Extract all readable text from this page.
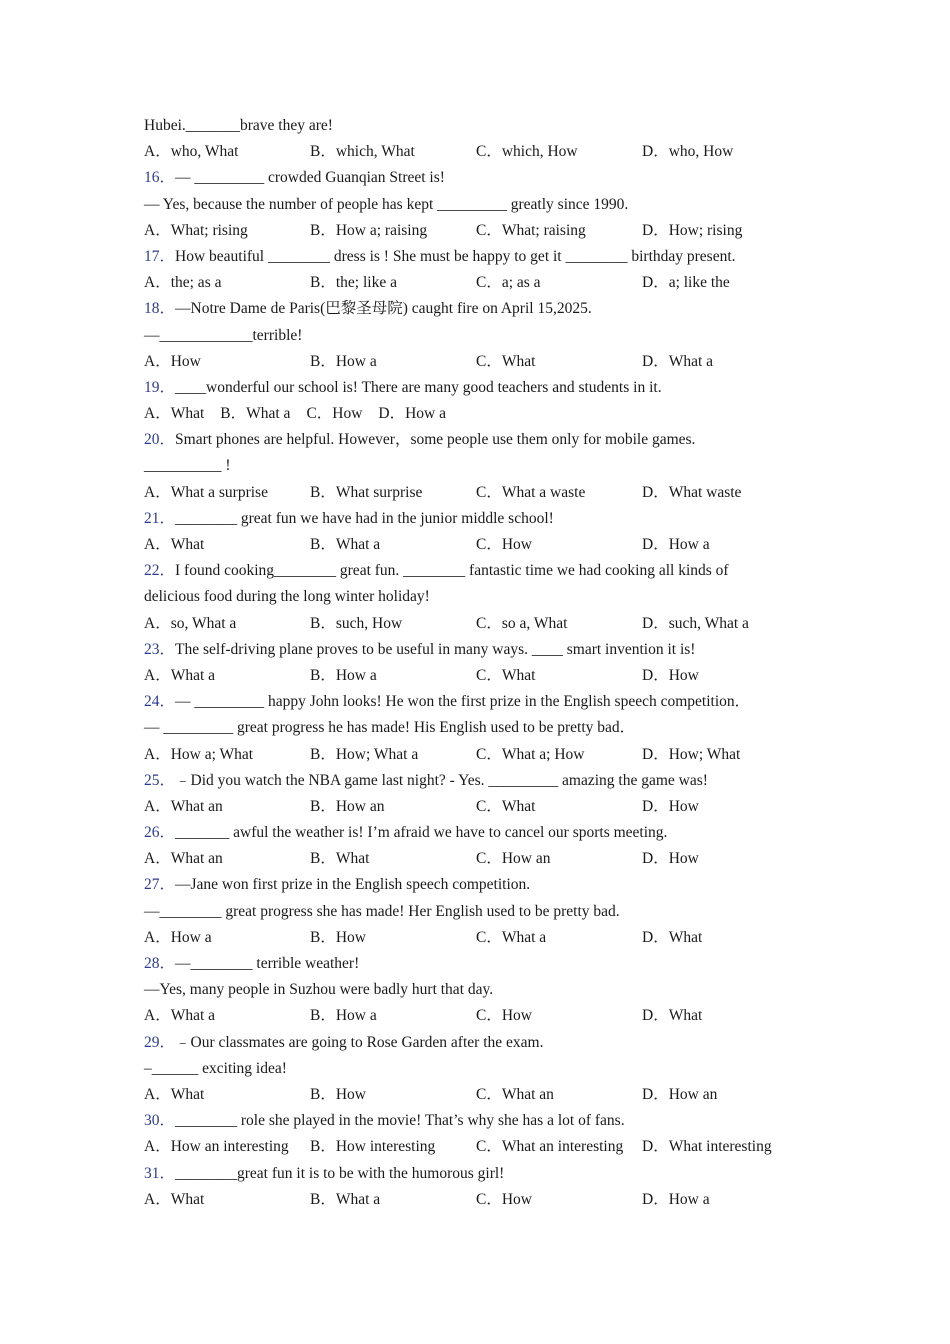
Hubei._______brave they are!
A．who, What	B．which, What	C．which, How	D．who, How
16．— _________ crowded Guanqian Street is!
— Yes, because the number of people has kept _________ greatly since 1990.
A．What; rising	B．How a; raising	C．What; raising	D．How; rising
17．How beautiful ________ dress is ! She must be happy to get it ________ birthday present.
A．the; as a	B．the; like a	C．a; as a	D．a; like the
18．—Notre Dame de Paris(巴黎圣母院) caught fire on April 15,2025.
—____________terrible!
A．How	B．How a	C．What	D．What a
19．____wonderful our school is! There are many good teachers and students in it.
A．What B．What a C．How D．How a
20．Smart phones are helpful. However，some people use them only for mobile games.
__________ !
A．What a surprise	B．What surprise	C．What a waste	D．What waste
21．________ great fun we have had in the junior middle school!
A．What	B．What a	C．How	D．How a
22．I found cooking________ great fun. ________ fantastic time we had cooking all kinds of
delicious food during the long winter holiday!
A．so, What a	B．such, How	C．so a, What	D．such, What a
23．The self-driving plane proves to be useful in many ways. ____ smart invention it is!
A．What a	B．How a	C．What	D．How
24．— _________ happy John looks! He won the first prize in the English speech competition．
— _________ great progress he has made! His English used to be pretty bad．
A．How a; What	B．How; What a	C．What a; How	D．How; What
25．﹣Did you watch the NBA game last night? - Yes. _________ amazing the game was!
A．What an	B．How an	C．What	D．How
26．_______ awful the weather is! I’m afraid we have to cancel our sports meeting.
A．What an	B．What	C．How an	D．How
27．—Jane won first prize in the English speech competition.
—________ great progress she has made! Her English used to be pretty bad.
A．How a	B．How	C．What a	D．What
28．—________ terrible weather!
—Yes, many people in Suzhou were badly hurt that day.
A．What a	B．How a	C．How	D．What
29．﹣Our classmates are going to Rose Garden after the exam.
–______ exciting idea!
A．What	B．How	C．What an	D．How an
30．________ role she played in the movie! That’s why she has a lot of fans.
A．How an interesting	B．How interesting	C．What an interesting	D．What interesting
31．________great fun it is to be with the humorous girl!
A．What	B．What a	C．How	D．How a
